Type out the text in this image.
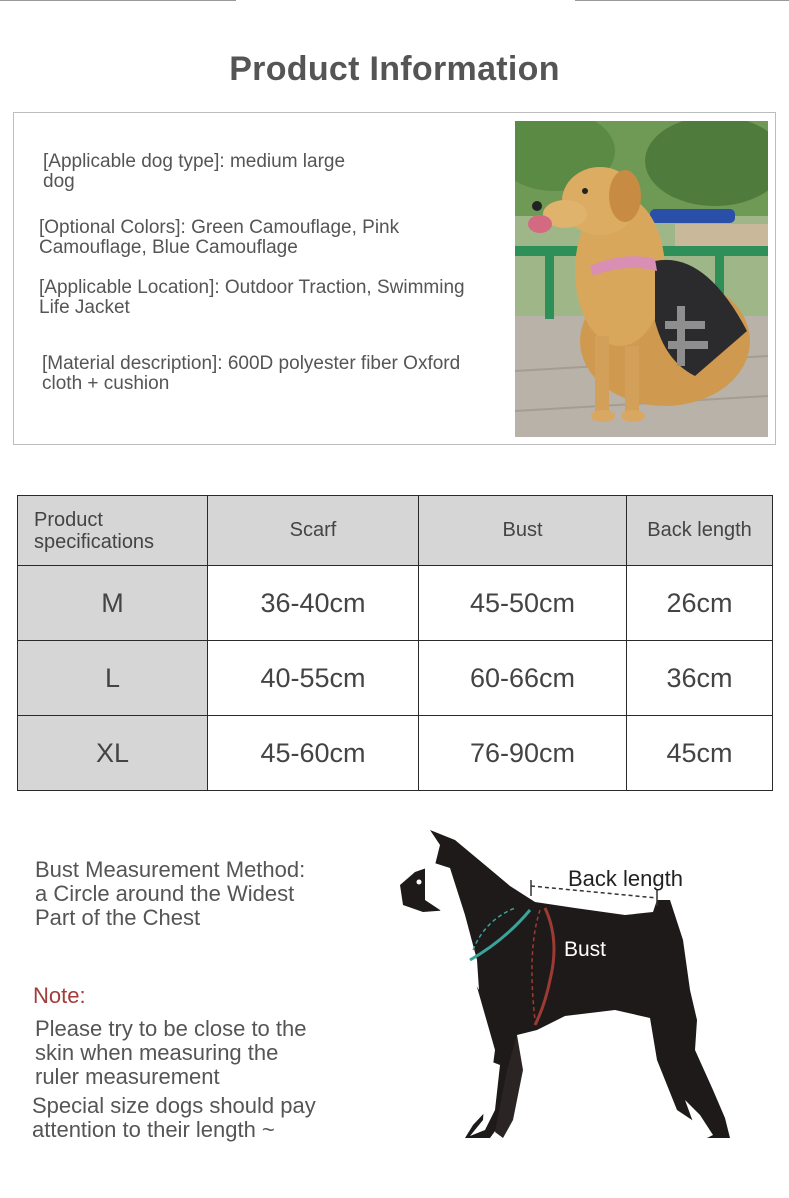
Product Information
[Applicable dog type]: medium large
dog
[Optional Colors]: Green Camouflage, Pink
Camouflage, Blue Camouflage
[Applicable Location]: Outdoor Traction, Swimming
Life Jacket
[Material description]: 600D polyester fiber Oxford
cloth + cushion
Product
specifications	Scarf	Bust	Back length
M	36-40cm	45-50cm	26cm
L	40-55cm	60-66cm	36cm
XL	45-60cm	76-90cm	45cm
Bust Measurement Method:
a Circle around the Widest
Part of the Chest
Note:
Please try to be close to the
skin when measuring the
ruler measurement
Special size dogs should pay
attention to their length ~
Back length
Bust
